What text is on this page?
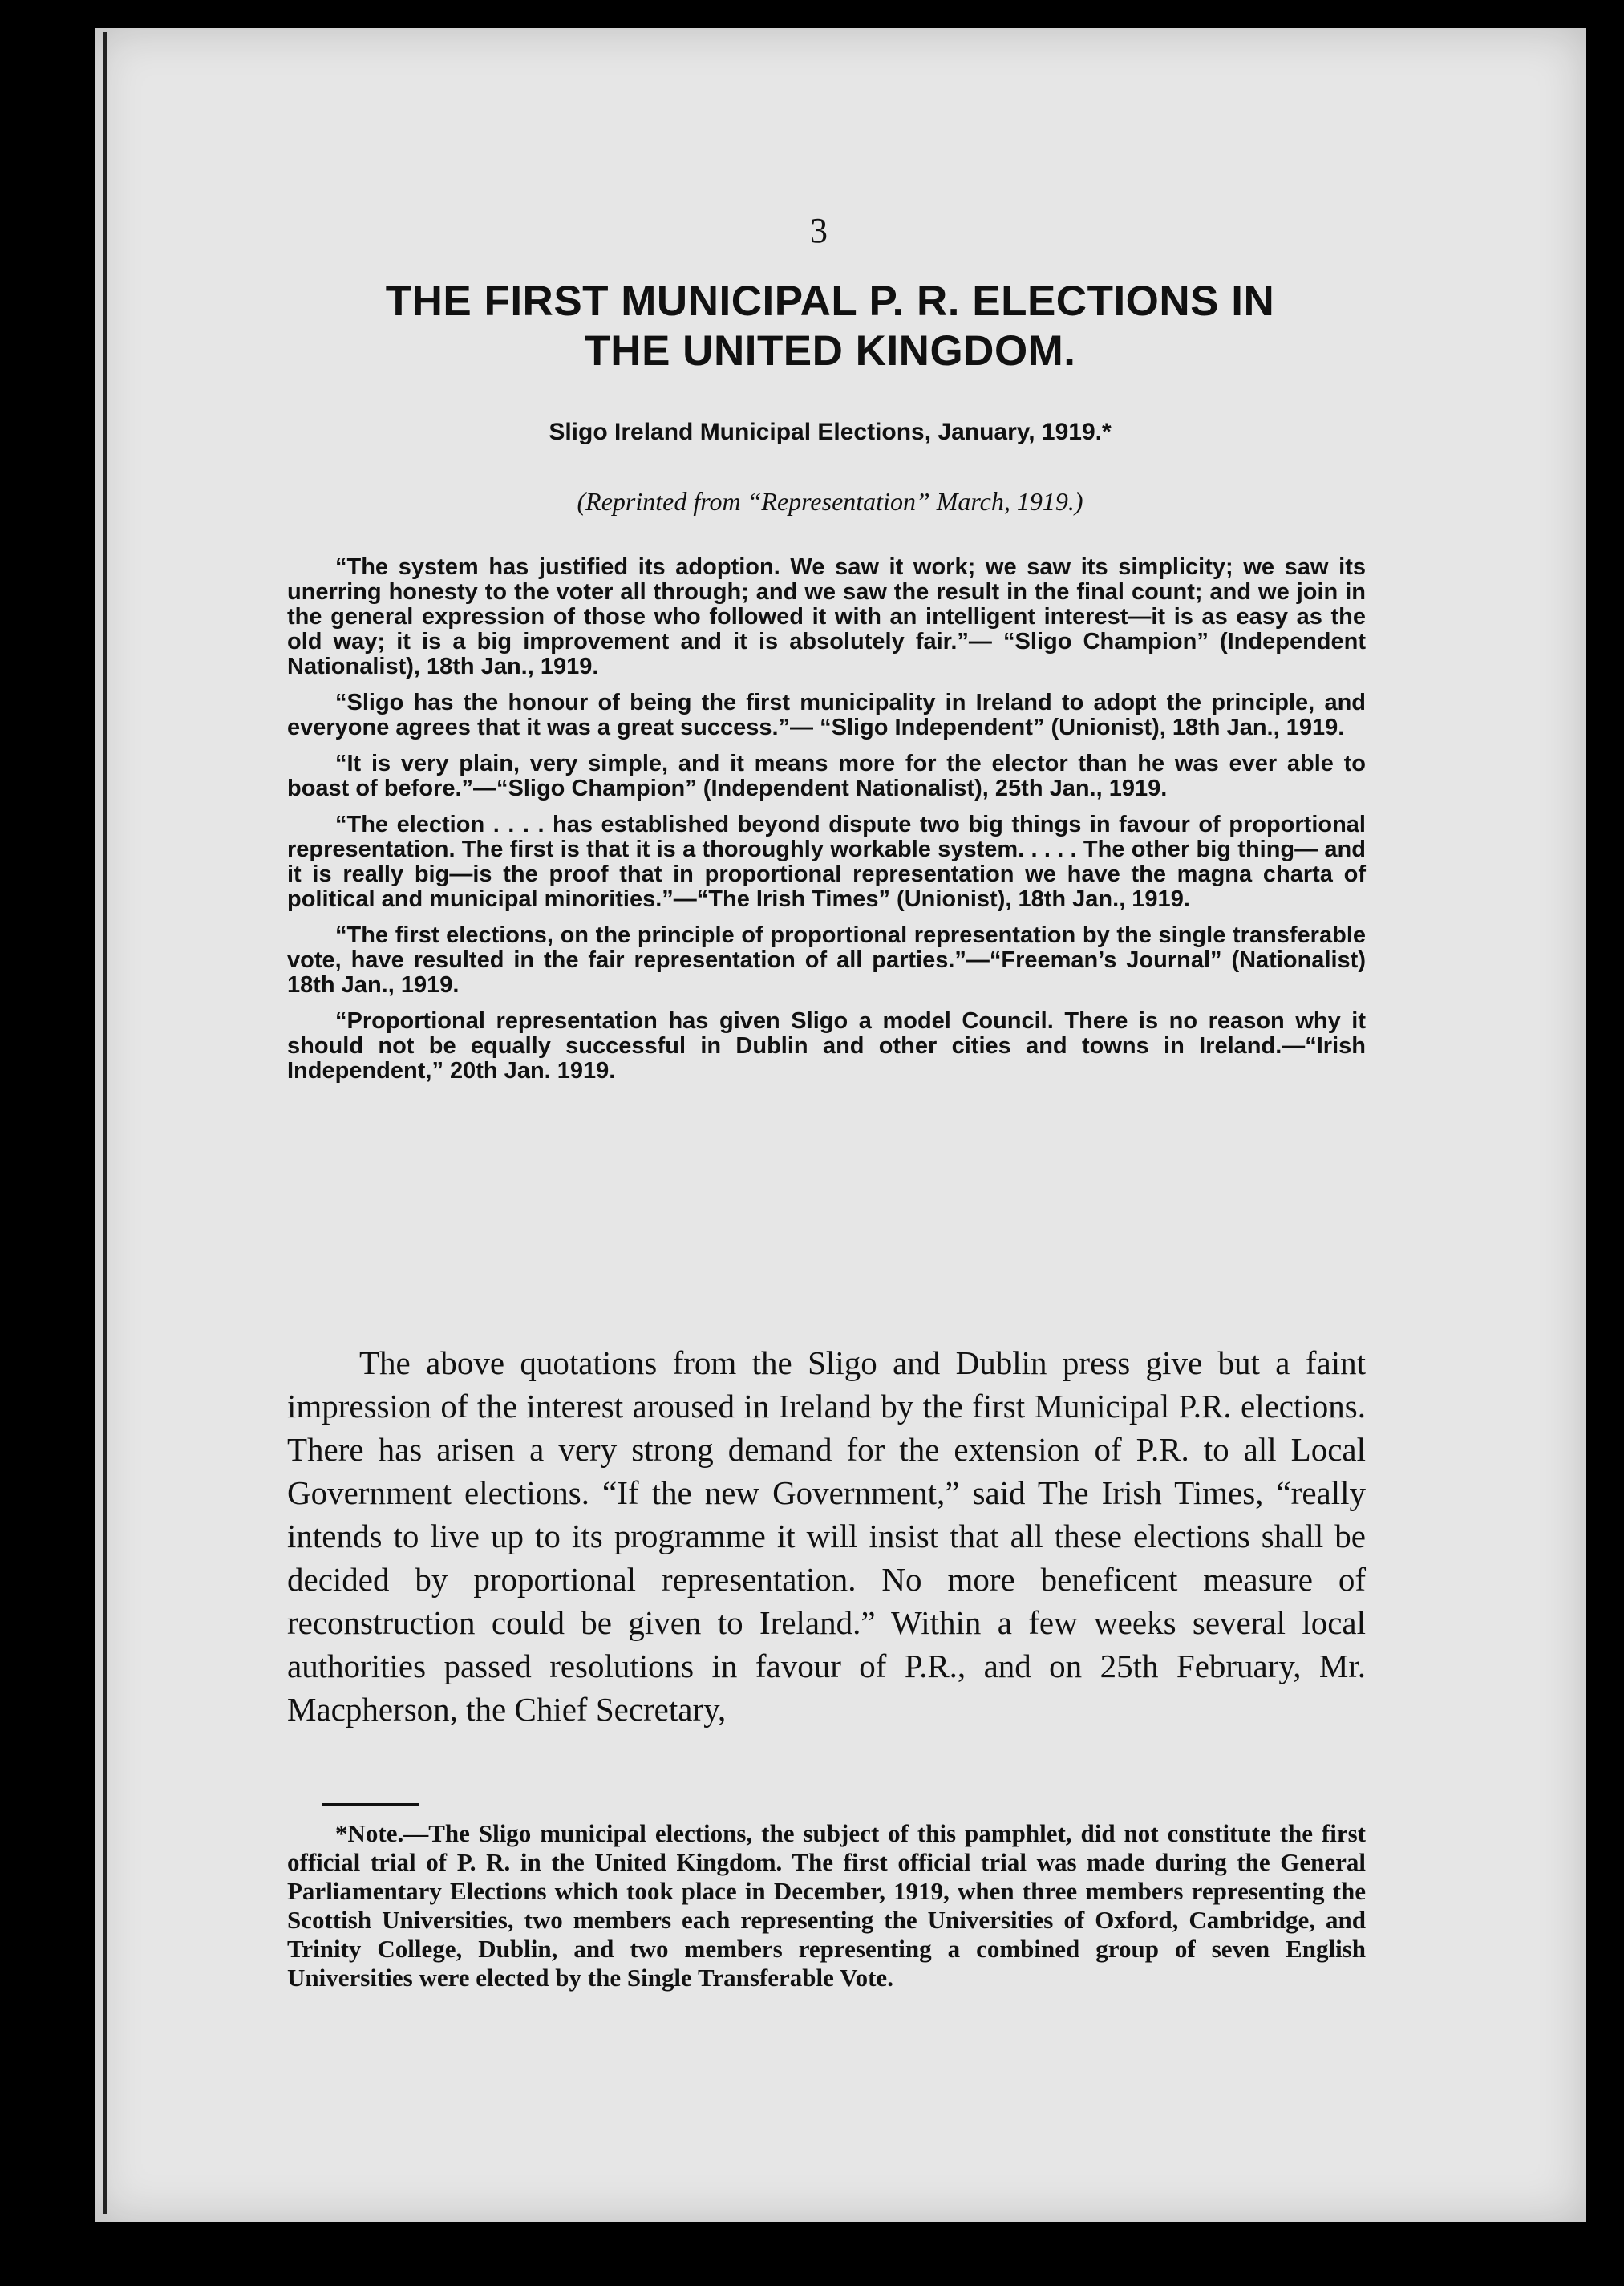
3
THE FIRST MUNICIPAL P. R. ELECTIONS IN
THE UNITED KINGDOM.
Sligo Ireland Municipal Elections, January, 1919.*
(Reprinted from “Representation” March, 1919.)

“The system has justified its adoption. We saw it work; we saw its simplicity; we saw its unerring honesty to the voter all through; and we saw the result in the final count; and we join in the general expression of those who followed it with an intelligent interest—it is as easy as the old way; it is a big improvement and it is absolutely fair.”— “Sligo Champion” (Independent Nationalist), 18th Jan., 1919.

“Sligo has the honour of being the first municipality in Ireland to adopt the principle, and everyone agrees that it was a great success.”— “Sligo Independent” (Unionist), 18th Jan., 1919.

“It is very plain, very simple, and it means more for the elector than he was ever able to boast of before.”—“Sligo Champion” (Independent Nationalist), 25th Jan., 1919.

“The election . . . . has established beyond dispute two big things in favour of proportional representation. The first is that it is a thoroughly workable system. . . . . The other big thing— and it is really big—is the proof that in proportional representation we have the magna charta of political and municipal minorities.”—“The Irish Times” (Unionist), 18th Jan., 1919.

“The first elections, on the principle of proportional representation by the single transferable vote, have resulted in the fair representation of all parties.”—“Freeman’s Journal” (Nationalist) 18th Jan., 1919.

“Proportional representation has given Sligo a model Council. There is no reason why it should not be equally successful in Dublin and other cities and towns in Ireland.—“Irish Independent,” 20th Jan. 1919.

The above quotations from the Sligo and Dublin press give but a faint impression of the interest aroused in Ireland by the first Municipal P.R. elections. There has arisen a very strong demand for the extension of P.R. to all Local Government elections. “If the new Government,” said The Irish Times, “really intends to live up to its programme it will insist that all these elections shall be decided by proportional representation. No more beneficent measure of reconstruction could be given to Ireland.” Within a few weeks several local authorities passed resolutions in favour of P.R., and on 25th February, Mr. Macpherson, the Chief Secretary,
*Note.—The Sligo municipal elections, the subject of this pamphlet, did not constitute the first official trial of P. R. in the United Kingdom. The first official trial was made during the General Parliamentary Elections which took place in December, 1919, when three members representing the Scottish Universities, two members each representing the Universities of Oxford, Cambridge, and Trinity College, Dublin, and two members representing a combined group of seven English Universities were elected by the Single Transferable Vote.
